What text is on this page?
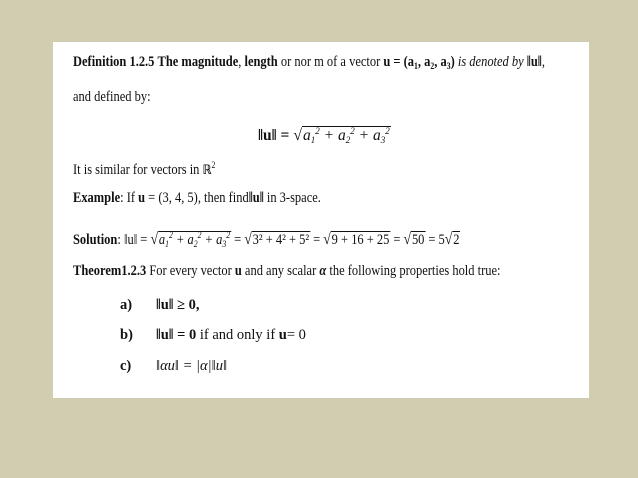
Definition 1.2.5 The magnitude, length or nor m of a vector $u = (a_1$, $a_2$, $a_3$) is denoted by ‖u‖,
and defined by:
‖u‖ = $√a_1^2 + a_2^2 + a_3^2$
It is similar for vectors in ℝ$^2$
Example: If u = (3, 4, 5), then find‖u‖ in 3-space.
Solution: ‖u‖ = $√a_1^2 + a_2^2 + a_3^2 = √3^2 + 4^2 + 5^2 = √9 + 16 + 25 = √50 = 5√2$
Theorem1.2.3 For every vector u and any scalar α the following properties hold true:
a) ‖u‖ ≥ 0,
b) ‖u‖ = 0 if and only if u= 0
c) ‖αu‖ = |α|‖u‖
